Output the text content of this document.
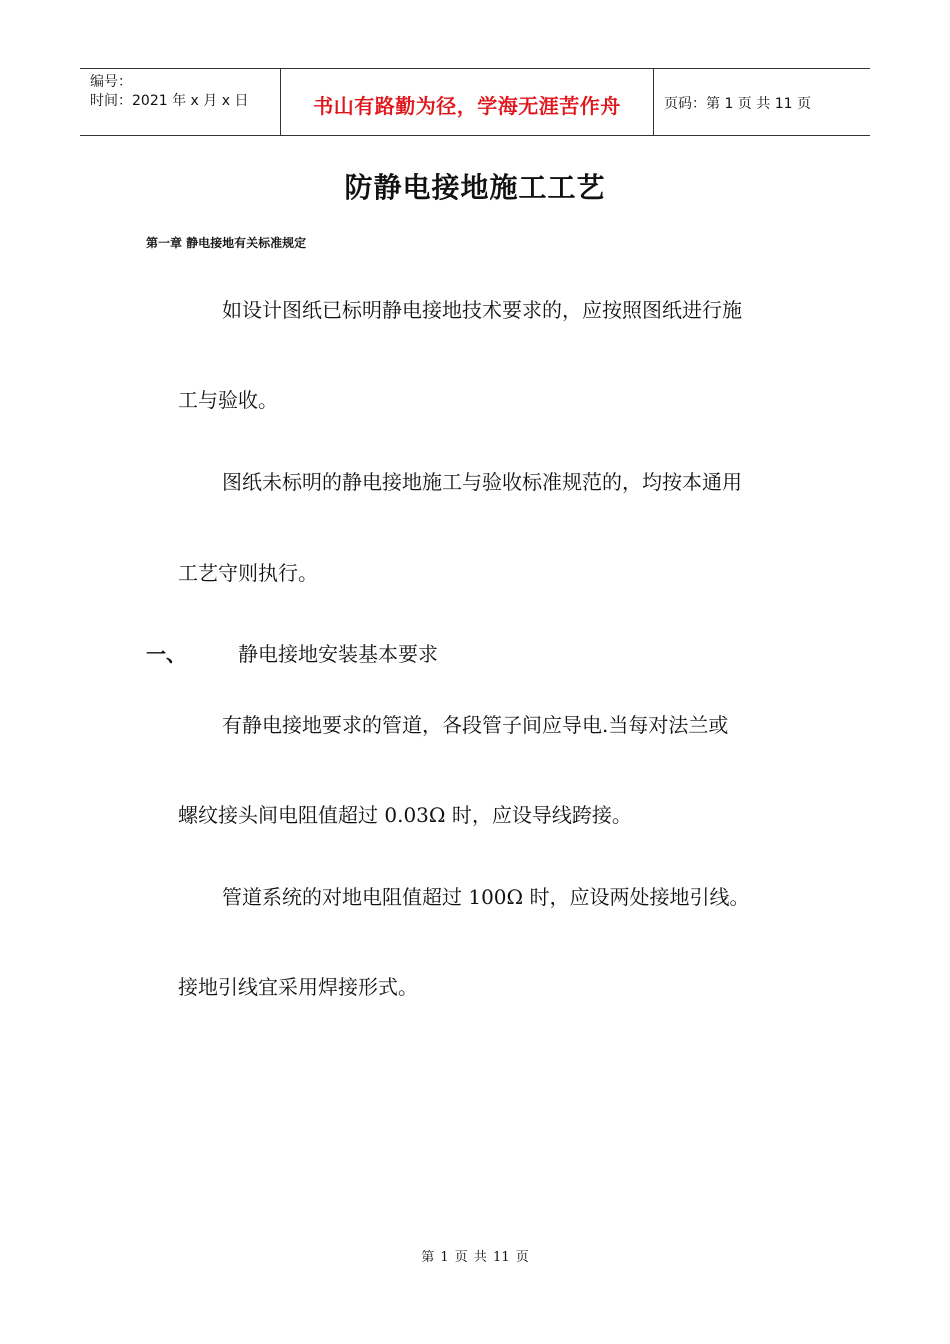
编号：
时间：2021 年 x 月 x 日	书山有路勤为径，学海无涯苦作舟	页码：第 1 页 共 11 页
防静电接地施工工艺
第一章 静电接地有关标准规定
如设计图纸已标明静电接地技术要求的，应按照图纸进行施
工与验收。
图纸未标明的静电接地施工与验收标准规范的，均按本通用
工艺守则执行。
一、	静电接地安装基本要求
有静电接地要求的管道，各段管子间应导电.当每对法兰或
螺纹接头间电阻值超过 0.03Ω 时，应设导线跨接。
管道系统的对地电阻值超过 100Ω 时，应设两处接地引线。
接地引线宜采用焊接形式。
第 1 页 共 11 页
